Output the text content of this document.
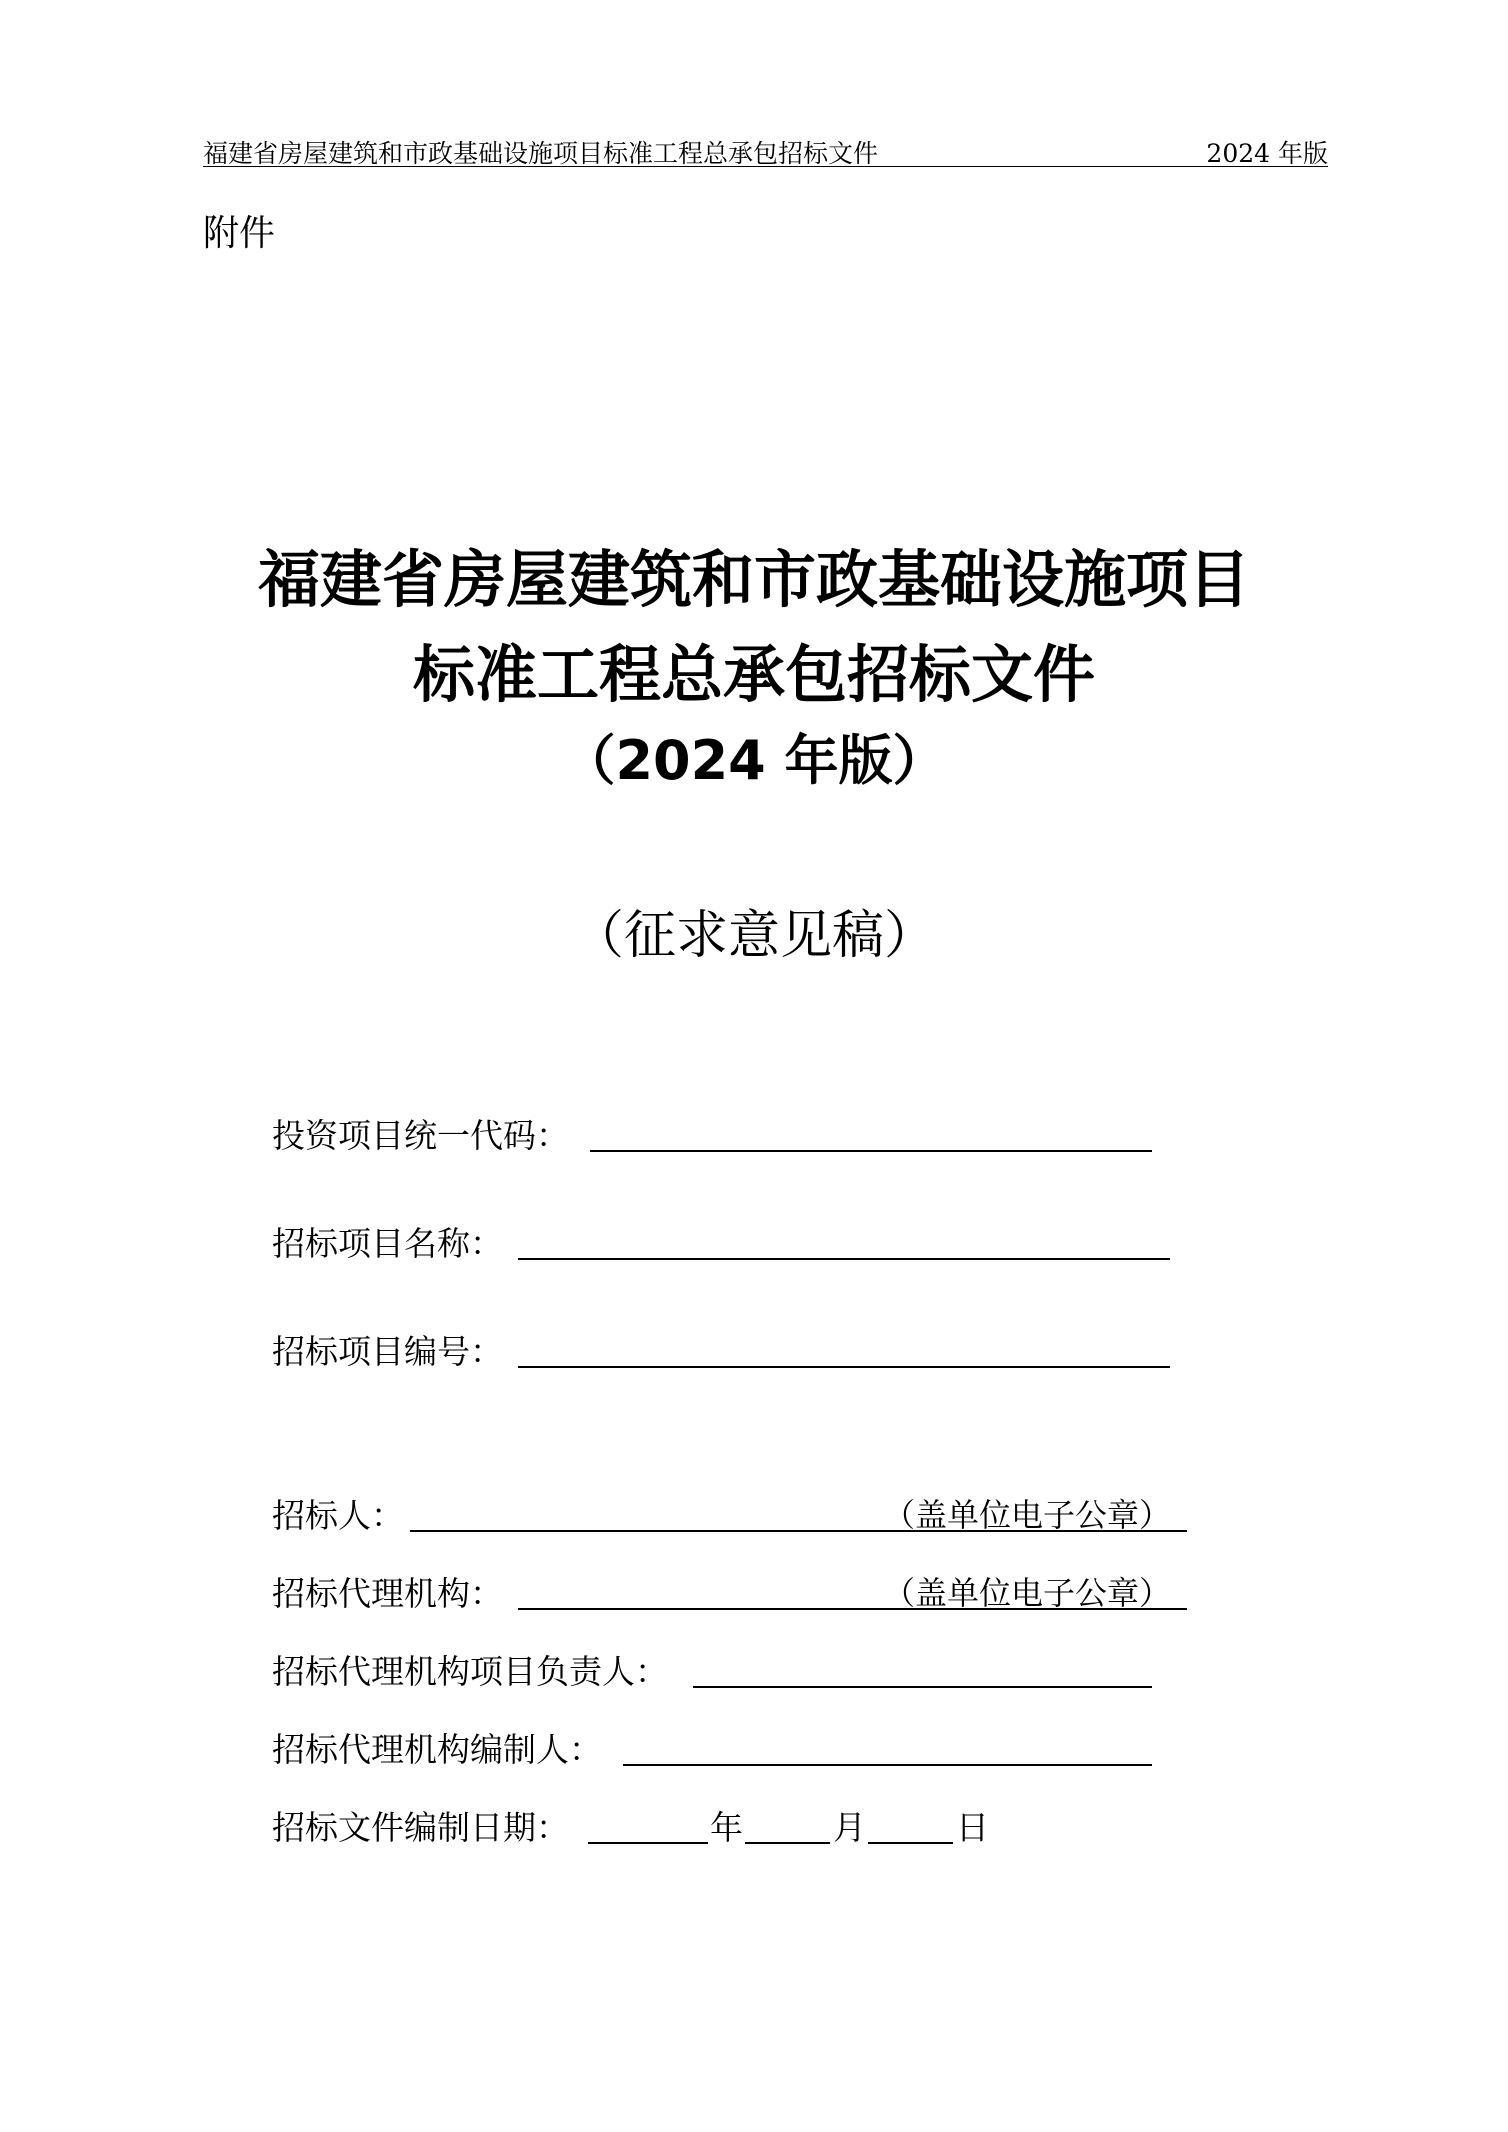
福建省房屋建筑和市政基础设施项目标准工程总承包招标文件	2024 年版
附件
福建省房屋建筑和市政基础设施项目
标准工程总承包招标文件
（2024 年版）
（征求意见稿）
投资项目统一代码：
招标项目名称：
招标项目编号：
招标人：	（盖单位电子公章）
招标代理机构：	（盖单位电子公章）
招标代理机构项目负责人：
招标代理机构编制人：
招标文件编制日期：	年	月	日
